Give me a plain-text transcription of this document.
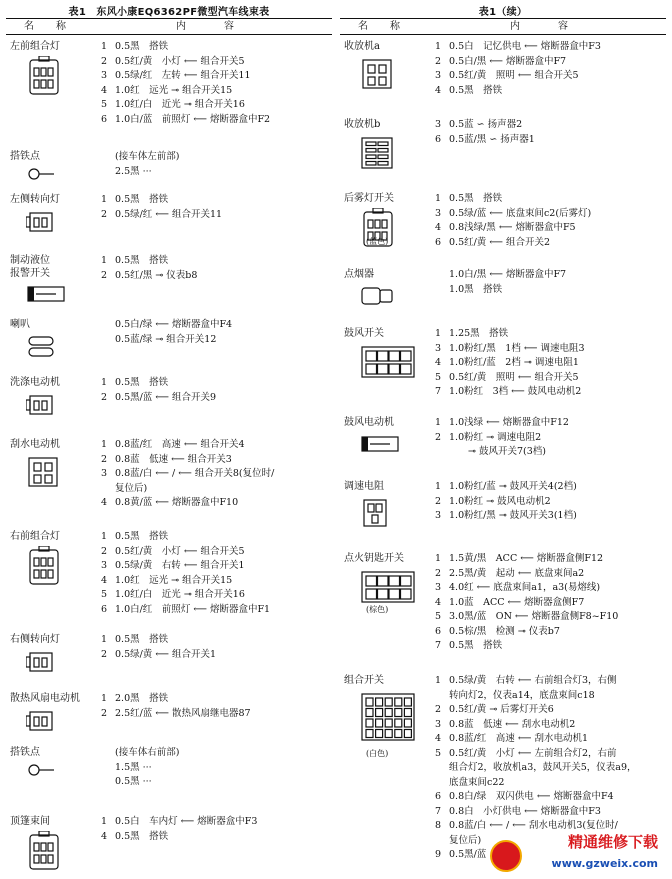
表1　东风小康EQ6362PF微型汽车线束表
名　称	内　　容
左前组合灯	1 0.5黑　搭铁
2 0.5红/黄　小灯 ⟵ 组合开关5
3 0.5绿/红　左转 ⟵ 组合开关11
4 1.0红　远光 ⊸ 组合开关15
5 1.0红/白　近光 ⊸ 组合开关16
6 1.0白/蓝　前照灯 ⟵ 熔断器盒中F2
搭铁点	(接车体左前部)
2.5黑 ···
左侧转向灯	1 0.5黑　搭铁
2 0.5绿/红 ⟵ 组合开关11
制动液位
报警开关
1 0.5黑　搭铁
2 0.5红/黑 ⊸ 仪表b8
喇叭	0.5白/绿 ⟵ 熔断器盒中F4
0.5蓝/绿 ⊸ 组合开关12
洗涤电动机	1 0.5黑　搭铁
2 0.5黑/蓝 ⟵ 组合开关9
刮水电动机	1 0.8蓝/红　高速 ⟵ 组合开关4
2 0.8蓝　低速 ⟵ 组合开关3
3 0.8蓝/白 ⟵ / ⟵ 组合开关8(复位时/
复位后)
4 0.8黄/蓝 ⟵ 熔断器盒中F10
右前组合灯	1 0.5黑　搭铁
2 0.5红/黄　小灯 ⟵ 组合开关5
3 0.5绿/黄　右转 ⟵ 组合开关1
4 1.0红　远光 ⊸ 组合开关15
5 1.0红/白　近光 ⊸ 组合开关16
6 1.0白/红　前照灯 ⟵ 熔断器盒中F1
右侧转向灯	1 0.5黑　搭铁
2 0.5绿/黄 ⟵ 组合开关1
散热风扇电动机 1 2.0黑　搭铁
2 2.5红/蓝 ⟵ 散热风扇继电器87
搭铁点	(接车体右前部)
1.5黑 ···
0.5黑 ···
顶篷束间	1 0.5白　车内灯 ⟵ 熔断器盒中F3
4 0.5黑　搭铁
表1（续）
名　称	内　　容
收放机a	1 0.5白　记忆供电 ⟵ 熔断器盒中F3
2 0.5白/黑 ⟵ 熔断器盒中F7
3 0.5红/黄　照明 ⟵ 组合开关5
4 0.5黑　搭铁
收放机b	3 0.5蓝 ∽ 扬声器2
6 0.5蓝/黑 ∽ 扬声器1
后雾灯开关	1 0.5黑　搭铁
3 0.5绿/蓝 ⟵ 底盘束间c2(后雾灯)
4 0.8浅绿/黑 ⟵ 熔断器盒中F5
6 0.5红/黄 ⟵ 组合开关2
点烟器	1.0白/黑 ⟵ 熔断器盒中F7
1.0黑　搭铁
鼓风开关	1 1.25黑　搭铁
3 1.0粉红/黑　1档 ⟵ 调速电阻3
4 1.0粉红/蓝　2档 ⊸ 调速电阻1
5 0.5红/黄　照明 ⟵ 组合开关5
7 1.0粉红　3档 ⟵ 鼓风电动机2
鼓风电动机	1 1.0浅绿 ⟵ 熔断器盒中F12
2 1.0粉红 ⊸ 调速电阻2
　　⊸ 鼓风开关7(3档)
调速电阻	1 1.0粉红/蓝 ⊸ 鼓风开关4(2档)
2 1.0粉红 ⊸ 鼓风电动机2
3 1.0粉红/黑 ⊸ 鼓风开关3(1档)
点火钥匙开关	1 1.5黄/黑　ACC ⟵ 熔断器盒侧F12
2 2.5黑/黄　起动 ⟵ 底盘束间a2
3 4.0红 ⟵ 底盘束间a1，a3(易熔线)
4 1.0蓝　ACC ⟵ 熔断器盒侧F7
5 3.0黑/蓝　ON ⟵ 熔断器盒侧F8~F10
6 0.5棕/黑　检测 ⊸ 仪表b7
7 0.5黑　搭铁
组合开关	1 0.5绿/黄　右转 ⟵ 右前组合灯3，右侧
转向灯2，仪表a14，底盘束间c18
2 0.5红/黄 ⊸ 后雾灯开关6
3 0.8蓝　低速 ⟵ 刮水电动机2
4 0.8蓝/红　高速 ⟵ 刮水电动机1
5 0.5红/黄　小灯 ⟵ 左前组合灯2，右前
组合灯2，收放机a3，鼓风开关5，仪表a9，
底盘束间c22
6 0.8白/绿　双闪供电 ⟵ 熔断器盒中F4
7 0.8白　小灯供电 ⟵ 熔断器盒中F3
8 0.8蓝/白 ⟵ / ⟵ 刮水电动机3(复位时/
复位后)
9 0.5黑/蓝
(蓝色)
(棕色)
(白色)
精通维修下载
www.gzweix.com
